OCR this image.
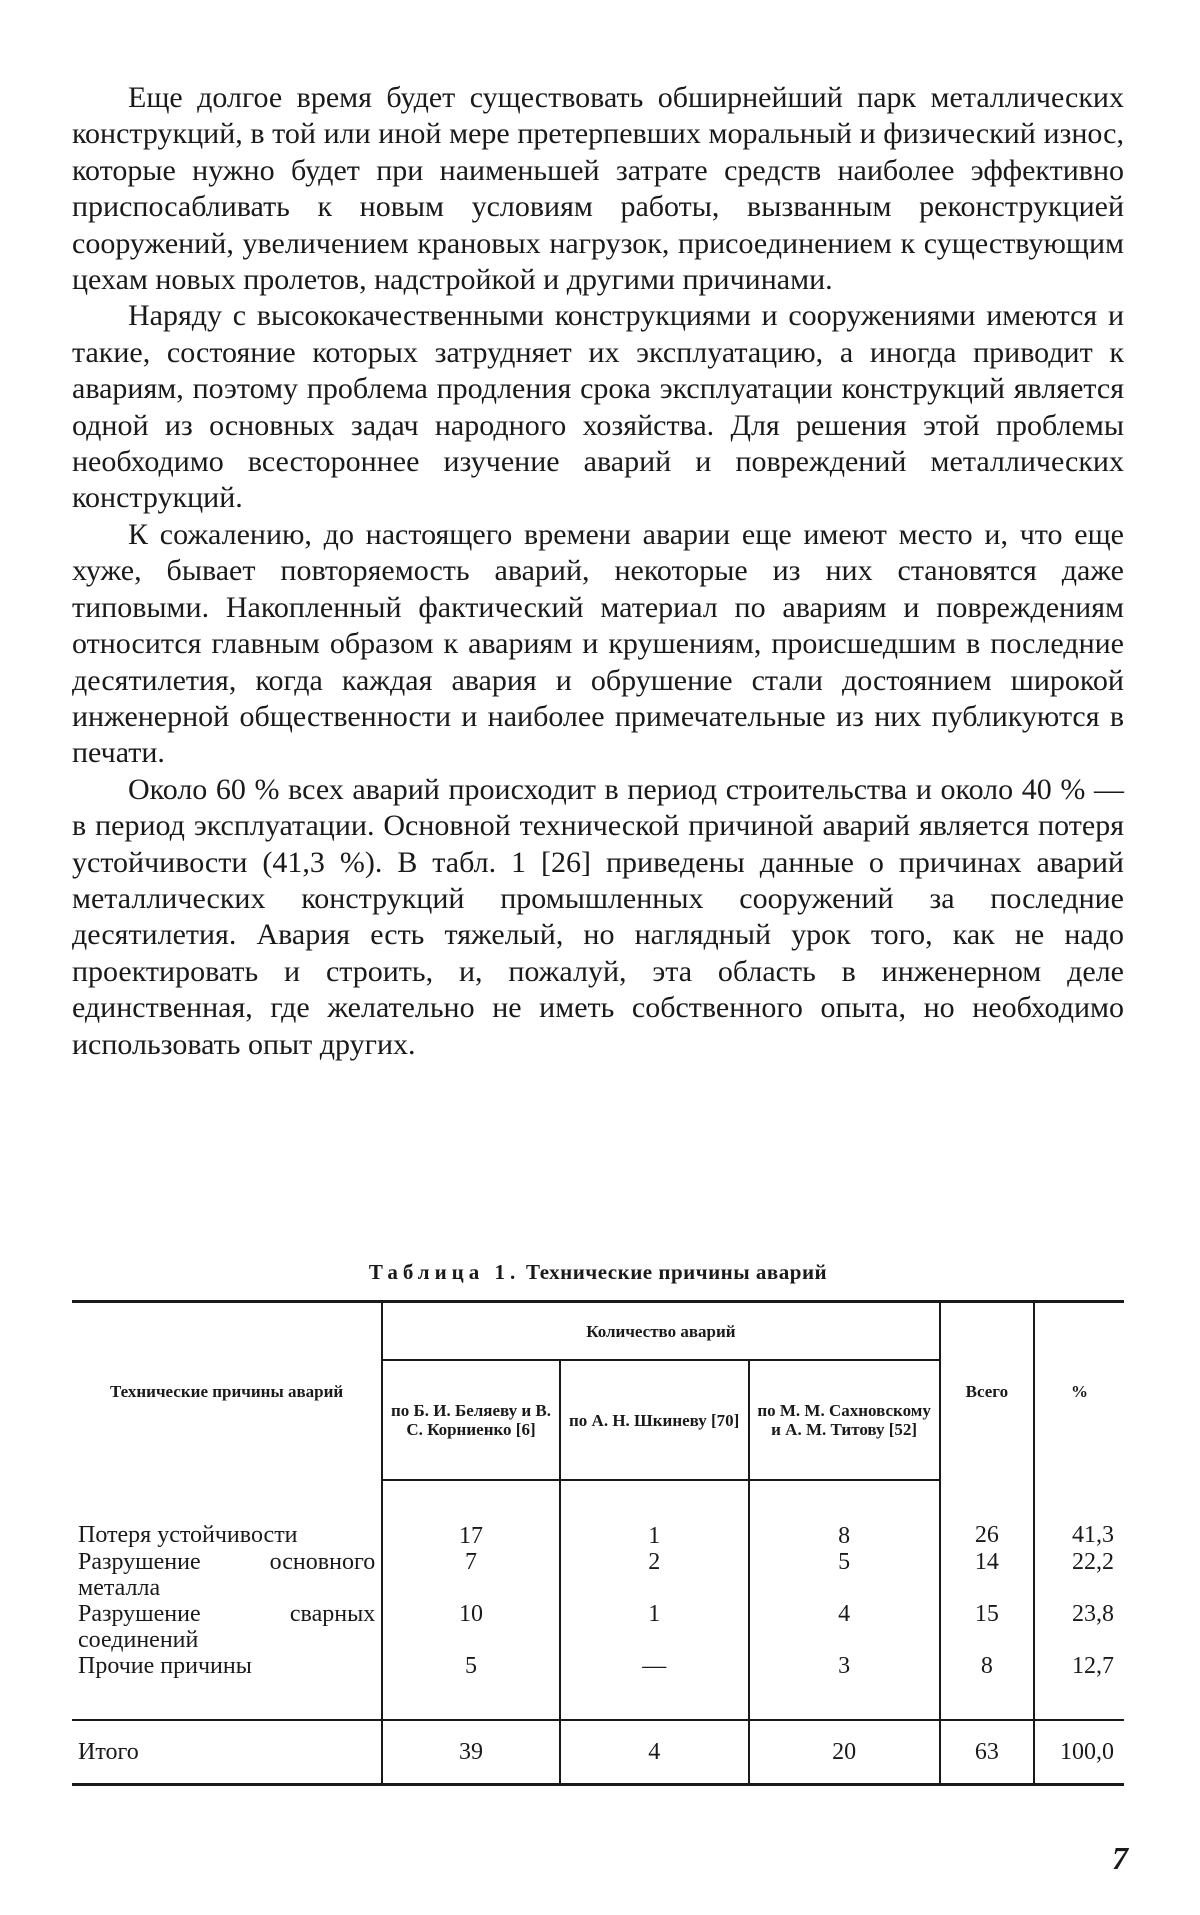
Еще долгое время будет существовать обширнейший парк металлических конструкций, в той или иной мере претерпевших моральный и физический износ, которые нужно будет при наименьшей затрате средств наиболее эффективно приспосабливать к новым условиям работы, вызванным реконструкцией сооружений, увеличением крановых нагрузок, присоединением к существующим цехам новых пролетов, надстройкой и другими причинами.

Наряду с высококачественными конструкциями и сооружениями имеются и такие, состояние которых затрудняет их эксплуатацию, а иногда приводит к авариям, поэтому проблема продления срока эксплуатации конструкций является одной из основных задач народного хозяйства. Для решения этой проблемы необходимо всестороннее изучение аварий и повреждений металлических конструкций.

К сожалению, до настоящего времени аварии еще имеют место и, что еще хуже, бывает повторяемость аварий, некоторые из них становятся даже типовыми. Накопленный фактический материал по авариям и повреждениям относится главным образом к авариям и крушениям, происшедшим в последние десятилетия, когда каждая авария и обрушение стали достоянием широкой инженерной общественности и наиболее примечательные из них публикуются в печати.

Около 60 % всех аварий происходит в период строительства и около 40 % — в период эксплуатации. Основной технической причиной аварий является потеря устойчивости (41,3 %). В табл. 1 [26] приведены данные о причинах аварий металлических конструкций промышленных сооружений за последние десятилетия. Авария есть тяжелый, но наглядный урок того, как не надо проектировать и строить, и, пожалуй, эта область в инженерном деле единственная, где желательно не иметь собственного опыта, но необходимо использовать опыт других.

Таблица 1. Технические причины аварий
Технические причины аварий	Количество аварий			Всего	%
	по Б. И. Беляеву и В. С. Корниенко [6]	по А. Н. Шкиневу [70]	по М. М. Сахновскому и А. М. Титову [52]		
Потеря устойчивости	17	1	8	26	41,3
Разрушение основного металла	7	2	5	14	22,2
Разрушение сварных соединений	10	1	4	15	23,8
Прочие причины	5	—	3	8	12,7
Итого	39	4	20	63	100,0
7
